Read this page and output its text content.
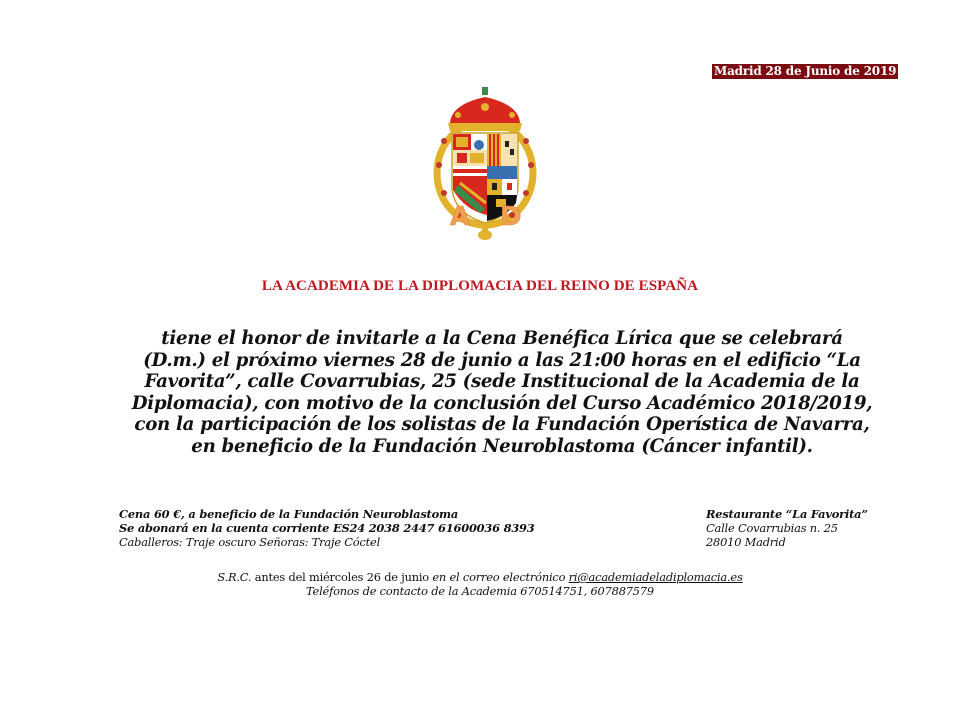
Madrid 28 de Junio de 2019
A D
LA ACADEMIA DE LA DIPLOMACIA DEL REINO DE ESPAÑA
tiene el honor de invitarle a la Cena Benéfica Lírica que se celebrará
(D.m.) el próximo viernes 28 de junio a las 21:00 horas en el edificio “La
Favorita”, calle Covarrubias, 25 (sede Institucional de la Academia de la
Diplomacia), con motivo de la conclusión del Curso Académico 2018/2019,
con la participación de los solistas de la Fundación Operística de Navarra,
en beneficio de la Fundación Neuroblastoma (Cáncer infantil).
Cena 60 €, a beneficio de la Fundación Neuroblastoma
Se abonará en la cuenta corriente ES24 2038 2447 61600036 8393
Caballeros: Traje oscuro Señoras: Traje Cóctel
Restaurante “La Favorita”
Calle Covarrubias n. 25
28010 Madrid
S.R.C. antes del miércoles 26 de junio en el correo electrónico ri@academiadeladiplomacia.es
Teléfonos de contacto de la Academia 670514751, 607887579
